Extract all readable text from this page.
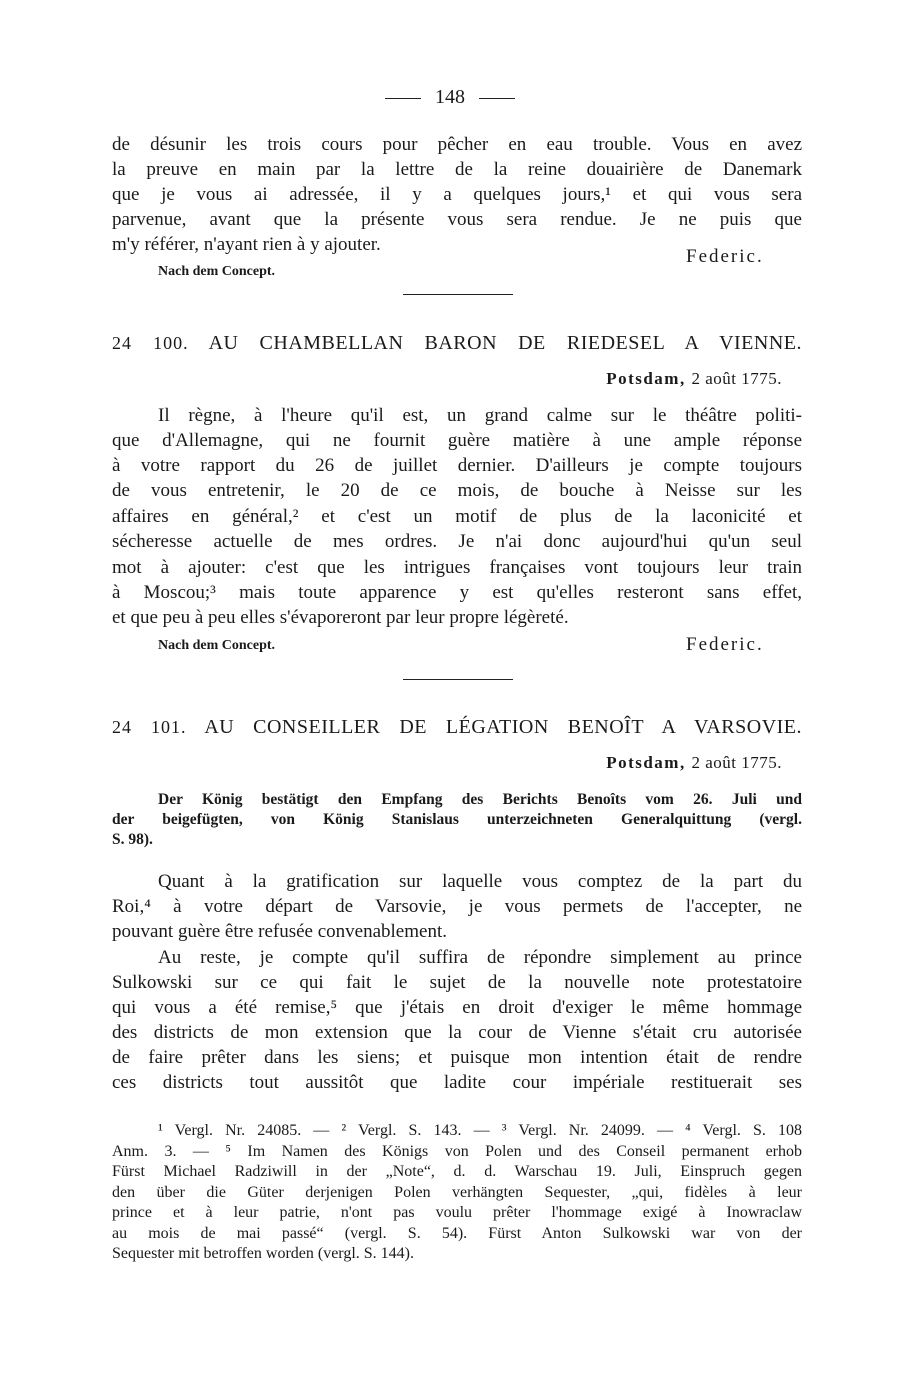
148
de désunir les trois cours pour pêcher en eau trouble. Vous en avez
la preuve en main par la lettre de la reine douairière de Danemark
que je vous ai adressée, il y a quelques jours,¹ et qui vous sera
parvenue, avant que la présente vous sera rendue. Je ne puis que
m'y référer, n'ayant rien à y ajouter.
Federic.
Nach dem Concept.
24 100. AU CHAMBELLAN BARON DE RIEDESEL A VIENNE.
Potsdam, 2 août 1775.
Il règne, à l'heure qu'il est, un grand calme sur le théâtre politi-
que d'Allemagne, qui ne fournit guère matière à une ample réponse
à votre rapport du 26 de juillet dernier. D'ailleurs je compte toujours
de vous entretenir, le 20 de ce mois, de bouche à Neisse sur les
affaires en général,² et c'est un motif de plus de la laconicité et
sécheresse actuelle de mes ordres. Je n'ai donc aujourd'hui qu'un seul
mot à ajouter: c'est que les intrigues françaises vont toujours leur train
à Moscou;³ mais toute apparence y est qu'elles resteront sans effet,
et que peu à peu elles s'évaporeront par leur propre légèreté.
Nach dem Concept.	Federic.
24 101. AU CONSEILLER DE LÉGATION BENOÎT A VARSOVIE.
Potsdam, 2 août 1775.
Der König bestätigt den Empfang des Berichts Benoîts vom 26. Juli und
der beigefügten, von König Stanislaus unterzeichneten Generalquittung (vergl.
S. 98).
Quant à la gratification sur laquelle vous comptez de la part du
Roi,⁴ à votre départ de Varsovie, je vous permets de l'accepter, ne
pouvant guère être refusée convenablement.
Au reste, je compte qu'il suffira de répondre simplement au prince
Sulkowski sur ce qui fait le sujet de la nouvelle note protestatoire
qui vous a été remise,⁵ que j'étais en droit d'exiger le même hommage
des districts de mon extension que la cour de Vienne s'était cru autorisée
de faire prêter dans les siens; et puisque mon intention était de rendre
ces districts tout aussitôt que ladite cour impériale restituerait ses
¹ Vergl. Nr. 24085. — ² Vergl. S. 143. — ³ Vergl. Nr. 24099. — ⁴ Vergl. S. 108
Anm. 3. — ⁵ Im Namen des Königs von Polen und des Conseil permanent erhob
Fürst Michael Radziwill in der „Note“, d. d. Warschau 19. Juli, Einspruch gegen
den über die Güter derjenigen Polen verhängten Sequester, „qui, fidèles à leur
prince et à leur patrie, n'ont pas voulu prêter l'hommage exigé à Inowraclaw
au mois de mai passé“ (vergl. S. 54). Fürst Anton Sulkowski war von der
Sequester mit betroffen worden (vergl. S. 144).
